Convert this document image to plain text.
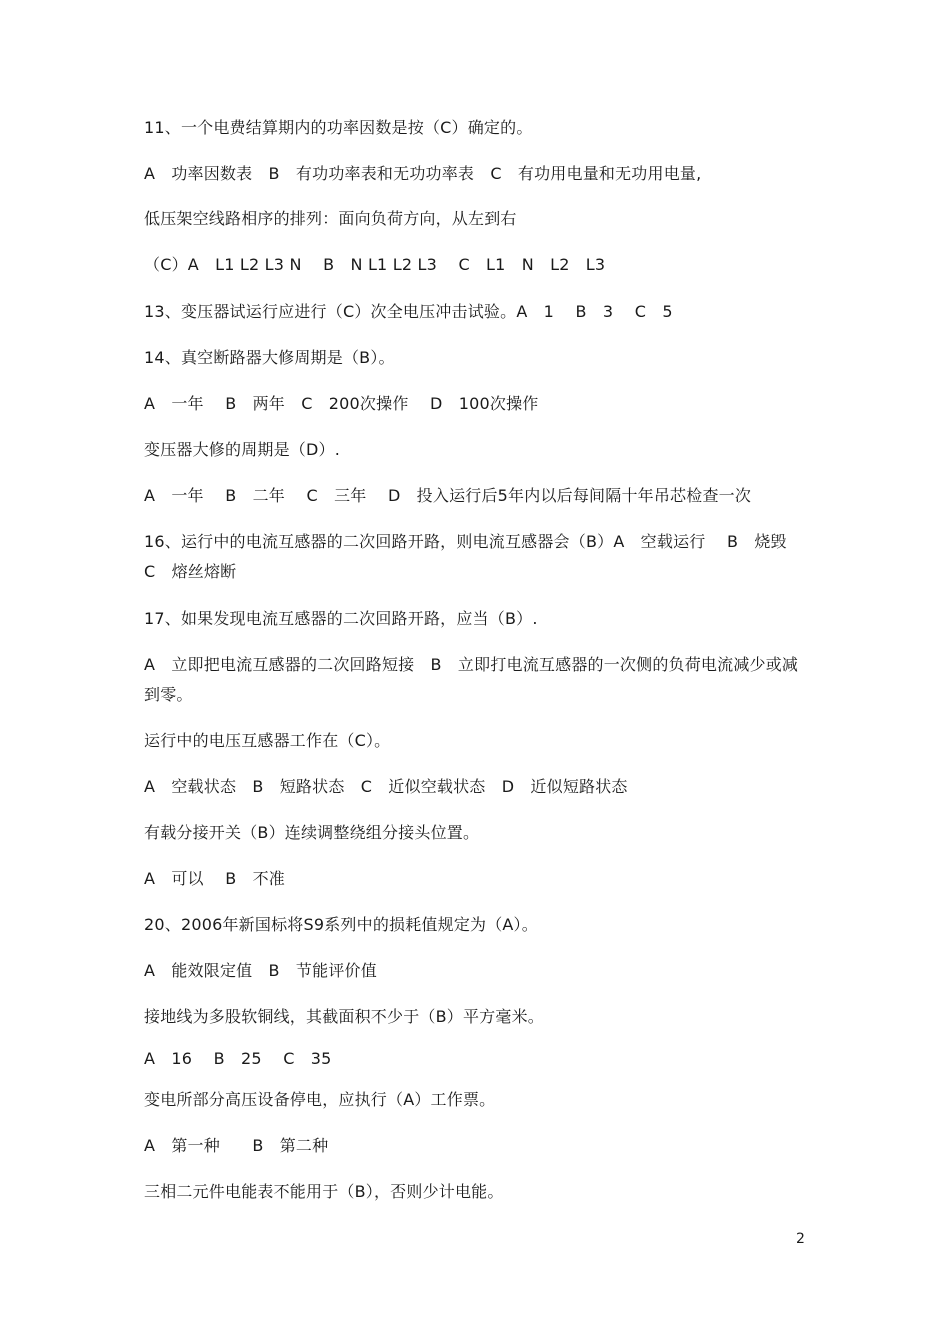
11、一个电费结算期内的功率因数是按（C）确定的。
A　功率因数表　B　有功功率表和无功功率表　C　有功用电量和无功用电量,
低压架空线路相序的排列：面向负荷方向，从左到右
（C）A　L1 L2 L3 N　 B　N L1 L2 L3　 C　L1　N　L2　L3
13、变压器试运行应进行（C）次全电压冲击试验。A　1　 B　3　 C　5
14、真空断路器大修周期是（B）。
A　一年　 B　两年　C　200次操作　 D　100次操作
变压器大修的周期是（D）.
A　一年　 B　二年　 C　三年　 D　投入运行后5年内以后每间隔十年吊芯检查一次
16、运行中的电流互感器的二次回路开路，则电流互感器会（B）A　空载运行　 B　烧毁　C　熔丝熔断
17、如果发现电流互感器的二次回路开路，应当（B）.
A　立即把电流互感器的二次回路短接　B　立即打电流互感器的一次侧的负荷电流减少或减到零。
运行中的电压互感器工作在（C）。
A　空载状态　B　短路状态　C　近似空载状态　D　近似短路状态
有载分接开关（B）连续调整绕组分接头位置。
A　可以　 B　不准
20、2006年新国标将S9系列中的损耗值规定为（A）。
A　能效限定值　B　节能评价值
接地线为多股软铜线，其截面积不少于（B）平方毫米。
A　16　 B　25　 C　35
变电所部分高压设备停电，应执行（A）工作票。
A　第一种　　B　第二种
三相二元件电能表不能用于（B），否则少计电能。
2
